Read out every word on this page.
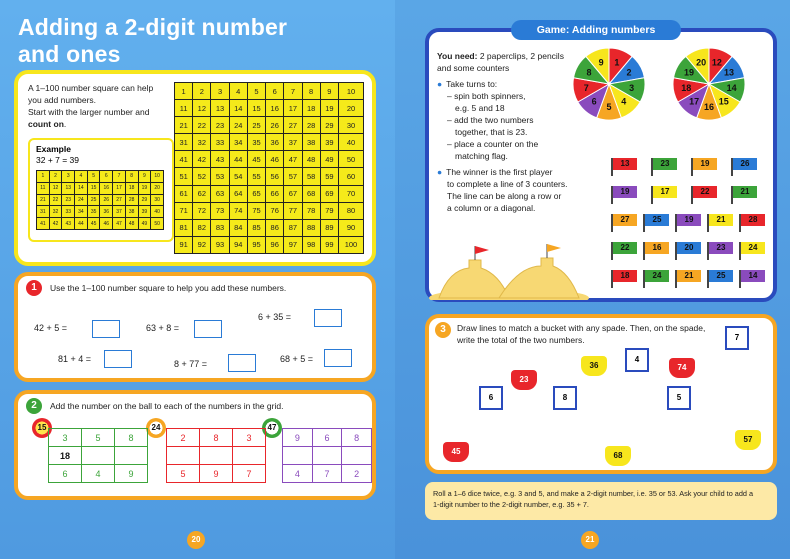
Adding a 2-digit number
and ones
A 1–100 number square can help
you add numbers.
Start with the larger number and
count on.
Example
32 + 7 = 39
1	2	3	4	5	6	7	8	9	10
11	12	13	14	15	16	17	18	19	20
21	22	23	24	25	26	27	28	29	30
31	32	33	34	35	36	37	38	39	40
41	42	43	44	45	46	47	48	49	50
1	2	3	4	5	6	7	8	9	10
11	12	13	14	15	16	17	18	19	20
21	22	23	24	25	26	27	28	29	30
31	32	33	34	35	36	37	38	39	40
41	42	43	44	45	46	47	48	49	50
51	52	53	54	55	56	57	58	59	60
61	62	63	64	65	66	67	68	69	70
71	72	73	74	75	76	77	78	79	80
81	82	83	84	85	86	87	88	89	90
91	92	93	94	95	96	97	98	99	100
1	Use the 1–100 number square to help you add these numbers.
42 + 5 =	63 + 8 =
6 + 35 =
81 + 4 =	8 + 77 =	68 + 5 =
2	Add the number on the ball to each of the numbers in the grid.
15	24	47
3	5	8
18		
6	4	9
2	8	3

5	9	7
9	6	8

4	7	2
20
Game: Adding numbers
You need: 2 paperclips, 2 pencils
and some counters
● Take turns to:
– spin both spinners,
e.g. 5 and 18
– add the two numbers
together, that is 23.
– place a counter on the
matching flag.
● The winner is the first player
to complete a line of 3 counters.
The line can be along a row or
a column or a diagonal.
1
2
3
4
5
6
7
8
9	12
13
14
15
16
17
18
19
20
13	23	19	26
19	17	22	21
27	25	19	21	28
22	16	20	23	24
18	24	21	25	14
3	Draw lines to match a bucket with any spade. Then, on the spade,
write the total of the two numbers.
6	8
4
5
7
23
36	74
45	68
57
Roll a 1–6 dice twice, e.g. 3 and 5, and make a 2-digit number, i.e. 35 or 53. Ask your child to add a
1-digit number to the 2-digit number, e.g. 35 + 7.
21
